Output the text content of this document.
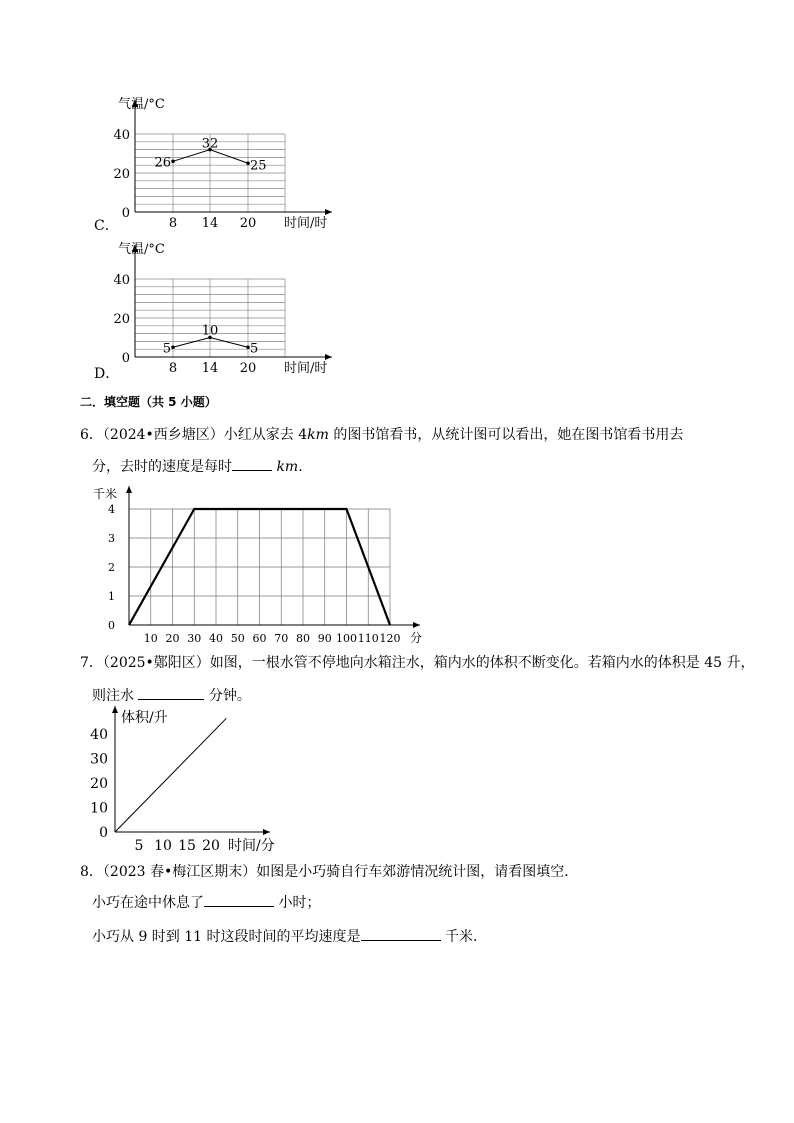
C．
气温/°C
时间/时
0
20
40
8 14 20
26
32
25
D．
气温/°C
时间/时
0
20
40
8 14 20
5
10
5
二．填空题（共 5 小题）
6．（2024•西乡塘区）小红从家去 4km 的图书馆看书，从统计图可以看出，她在图书馆看书用去
分，去时的速度是每时	km.
千米
分
0
1
2
3
4
10 20 30 40 50 60 70 80 90 100 110 120
7．（2025•鄚阳区）如图，一根水管不停地向水箱注水，箱内水的体积不断变化。若箱内水的体积是 45 升，
则注水	分钟。
体积/升
时间/分
0
10
20
30
40
5 10 15 20
8．（2023 春•梅江区期末）如图是小巧骑自行车郊游情况统计图，请看图填空．
小巧在途中休息了	小时；
小巧从 9 时到 11 时这段时间的平均速度是	千米．
